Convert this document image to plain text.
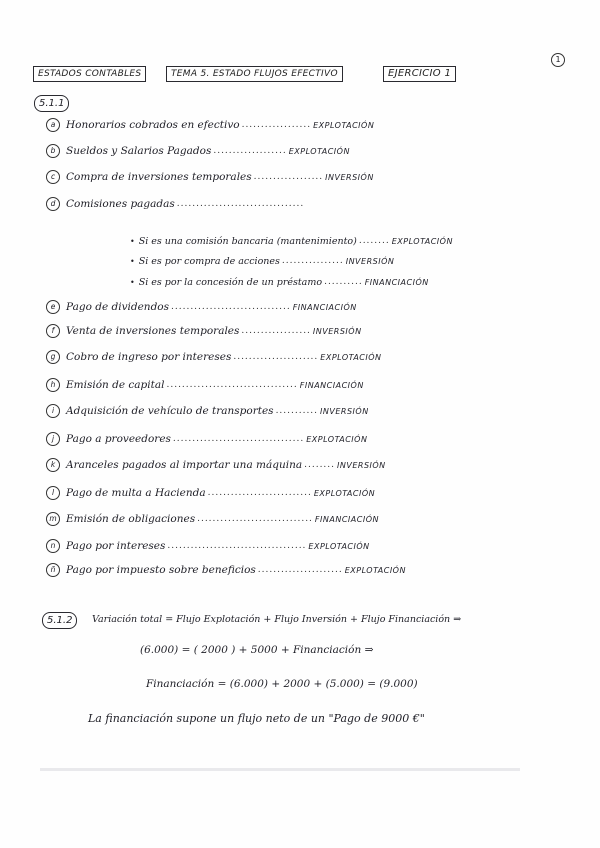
ESTADOS CONTABLES	TEMA 5. ESTADO FLUJOS EFECTIVO	EJERCICIO 1
1
5.1.1
a	Honorarios cobrados en efectivo .................. EXPLOTACIÓN
b	Sueldos y Salarios Pagados ................... EXPLOTACIÓN
c	Compra de inversiones temporales .................. INVERSIÓN
d	Comisiones pagadas .................................
• Si es una comisión bancaria (mantenimiento) ........ EXPLOTACIÓN
• Si es por compra de acciones ................ INVERSIÓN
• Si es por la concesión de un préstamo .......... FINANCIACIÓN
e	Pago de dividendos ............................... FINANCIACIÓN
f	Venta de inversiones temporales .................. INVERSIÓN
g	Cobro de ingreso por intereses ...................... EXPLOTACIÓN
h	Emisión de capital .................................. FINANCIACIÓN
i	Adquisición de vehículo de transportes ........... INVERSIÓN
j	Pago a proveedores .................................. EXPLOTACIÓN
k	Aranceles pagados al importar una máquina ........ INVERSIÓN
l	Pago de multa a Hacienda ........................... EXPLOTACIÓN
m Emisión de obligaciones .............................. FINANCIACIÓN
n	Pago por intereses .................................... EXPLOTACIÓN
ñ	Pago por impuesto sobre beneficios ...................... EXPLOTACIÓN
5.1.2	Variación total = Flujo Explotación + Flujo Inversión + Flujo Financiación ⇒
(6.000) = ( 2000 ) + 5000 + Financiación ⇒
Financiación = (6.000) + 2000 + (5.000) = (9.000)
La financiación supone un flujo neto de un "Pago de 9000 €"
